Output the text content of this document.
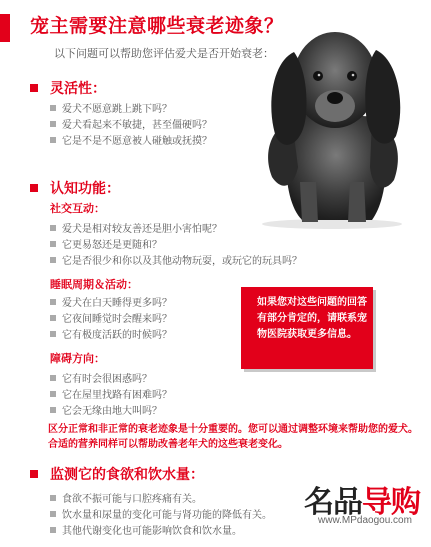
宠主需要注意哪些衰老迹象？
以下问题可以帮助您评估爱犬是否开始衰老：
灵活性：
爱犬不愿意跳上跳下吗？
爱犬看起来不敏捷，甚至僵硬吗？
它是不是不愿意被人碰触或抚摸？
认知功能：
社交互动：
爱犬是相对较友善还是胆小害怕呢？
它更易怒还是更随和？
它是否很少和你以及其他动物玩耍，或玩它的玩具吗？
睡眠周期＆活动：
爱犬在白天睡得更多吗？
它夜间睡觉时会醒来吗？
它有极度活跃的时候吗？
障碍方向：
它有时会很困惑吗？
它在屋里找路有困难吗？
它会无缘由地大叫吗？
如果您对这些问题的回答有部分肯定的，请联系宠物医院获取更多信息。
区分正常和非正常的衰老迹象是十分重要的。您可以通过调整环境来帮助您的爱犬。合适的营养同样可以帮助改善老年犬的这些衰老变化。
监测它的食欲和饮水量：
食欲不振可能与口腔疼痛有关。
饮水量和尿量的变化可能与肾功能的降低有关。
其他代谢变化也可能影响饮食和饮水量。
名品导购
www.MPdaogou.com
